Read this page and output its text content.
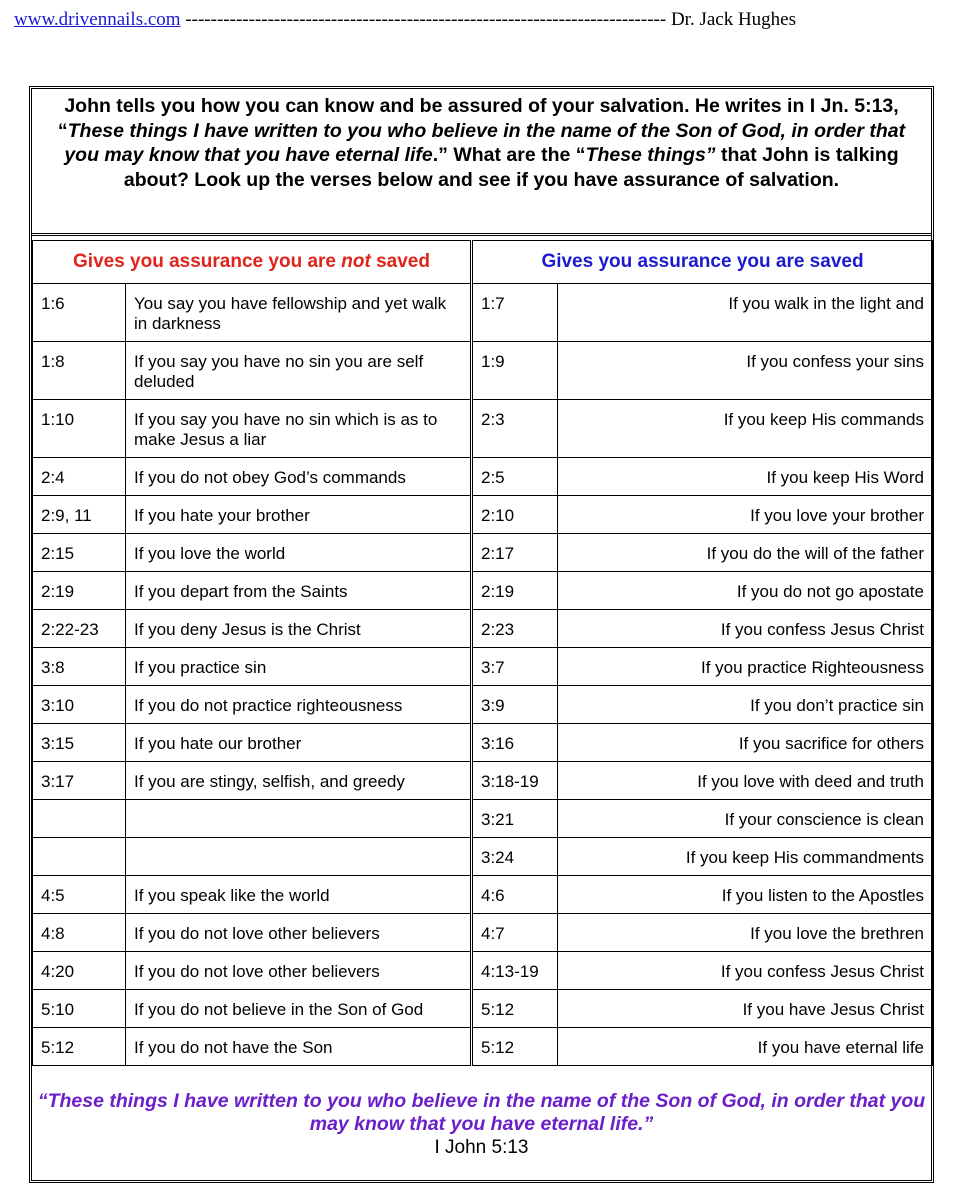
www.drivennails.com ---------------------------------------------------------------------------- Dr. Jack Hughes
John tells you how you can know and be assured of your salvation. He writes in I Jn. 5:13, “These things I have written to you who believe in the name of the Son of God, in order that you may know that you have eternal life.” What are the “These things” that John is talking about? Look up the verses below and see if you have assurance of salvation.
Gives you assurance you are not saved		Gives you assurance you are saved	
1:6	You say you have fellowship and yet walk in darkness	1:7	If you walk in the light and
1:8	If you say you have no sin you are self deluded	1:9	If you confess your sins
1:10	If you say you have no sin which is as to make Jesus a liar	2:3	If you keep His commands
2:4	If you do not obey God’s commands	2:5	If you keep His Word
2:9, 11	If you hate your brother	2:10	If you love your brother
2:15	If you love the world	2:17	If you do the will of the father
2:19	If you depart from the Saints	2:19	If you do not go apostate
2:22-23	If you deny Jesus is the Christ	2:23	If you confess Jesus Christ
3:8	If you practice sin	3:7	If you practice Righteousness
3:10	If you do not practice righteousness	3:9	If you don’t practice sin
3:15	If you hate our brother	3:16	If you sacrifice for others
3:17	If you are stingy, selfish, and greedy	3:18-19	If you love with deed and truth
		3:21	If your conscience is clean
		3:24	If you keep His commandments
4:5	If you speak like the world	4:6	If you listen to the Apostles
4:8	If you do not love other believers	4:7	If you love the brethren
4:20	If you do not love other believers	4:13-19	If you confess Jesus Christ
5:10	If you do not believe in the Son of God	5:12	If you have Jesus Christ
5:12	If you do not have the Son	5:12	If you have eternal life
“These things I have written to you who believe in the name of the Son of God, in order that you may know that you have eternal life.”
I John 5:13
